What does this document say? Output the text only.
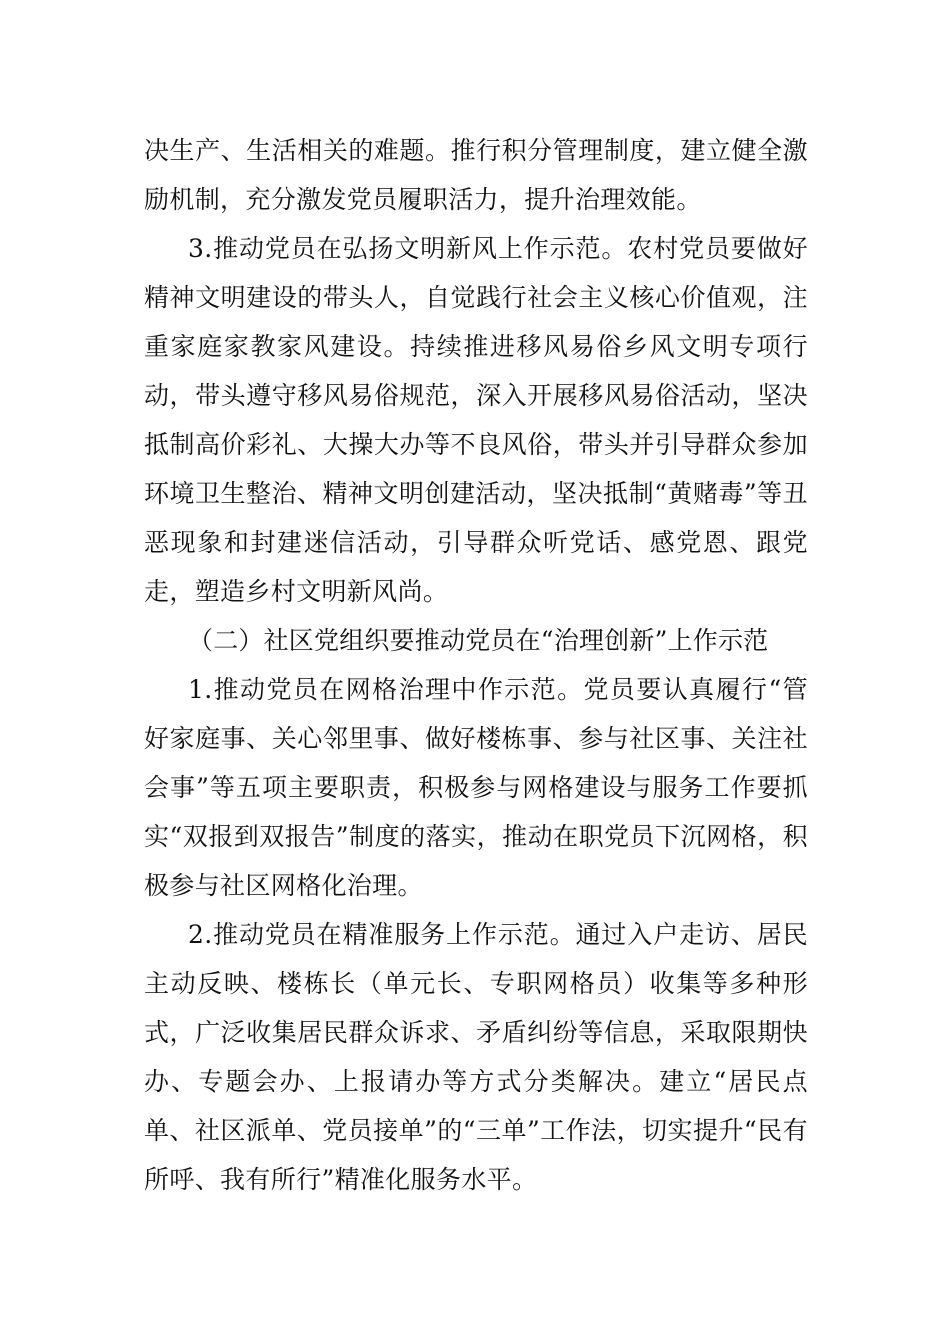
决生产、生活相关的难题。推行积分管理制度，建立健全激励机制，充分激发党员履职活力，提升治理效能。

3.推动党员在弘扬文明新风上作示范。农村党员要做好精神文明建设的带头人，自觉践行社会主义核心价值观，注重家庭家教家风建设。持续推进移风易俗乡风文明专项行动，带头遵守移风易俗规范，深入开展移风易俗活动，坚决抵制高价彩礼、大操大办等不良风俗，带头并引导群众参加环境卫生整治、精神文明创建活动，坚决抵制“黄赌毒”等丑恶现象和封建迷信活动，引导群众听党话、感党恩、跟党走，塑造乡村文明新风尚。

（二）社区党组织要推动党员在“治理创新”上作示范

1.推动党员在网格治理中作示范。党员要认真履行“管好家庭事、关心邻里事、做好楼栋事、参与社区事、关注社会事”等五项主要职责，积极参与网格建设与服务工作要抓实“双报到双报告”制度的落实，推动在职党员下沉网格，积极参与社区网格化治理。

2.推动党员在精准服务上作示范。通过入户走访、居民主动反映、楼栋长（单元长、专职网格员）收集等多种形式，广泛收集居民群众诉求、矛盾纠纷等信息，采取限期快办、专题会办、上报请办等方式分类解决。建立“居民点单、社区派单、党员接单”的“三单”工作法，切实提升“民有所呼、我有所行”精准化服务水平。
